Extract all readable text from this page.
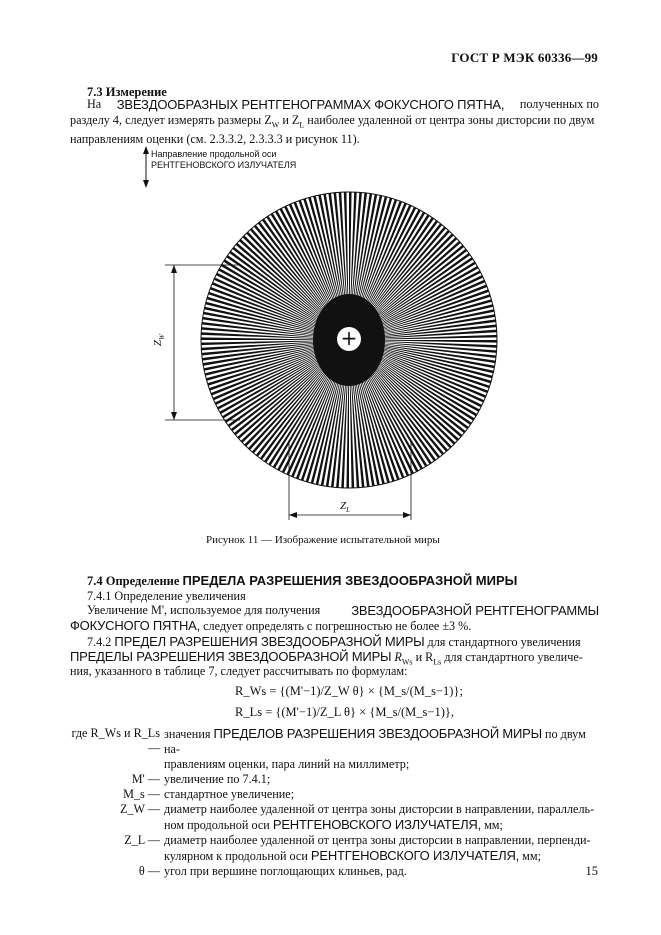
ГОСТ Р МЭК 60336—99
7.3 Измерение
На ЗВЕЗДООБРАЗНЫХ РЕНТГЕНОГРАММАХ ФОКУСНОГО ПЯТНА, полученных по
разделу 4, следует измерять размеры $Z_W$ и $Z_L$ наиболее удаленной от центра зоны дисторсии по двум
направлениям оценки (см. 2.3.3.2, 2.3.3.3 и рисунок 11).
Направление продольной оси
РЕНТГЕНОВСКОГО ИЗЛУЧАТЕЛЯ
$Z_W$
$Z_L$
+
Рисунок 11 — Изображение испытательной миры
7.4 Определение ПРЕДЕЛА РАЗРЕШЕНИЯ ЗВЕЗДООБРАЗНОЙ МИРЫ
7.4.1 Определение увеличения
Увеличение M', используемое для получения ЗВЕЗДООБРАЗНОЙ РЕНТГЕНОГРАММЫ
ФОКУСНОГО ПЯТНА, следует определять с погрешностью не более ±3 %.
7.4.2 ПРЕДЕЛ РАЗРЕШЕНИЯ ЗВЕЗДООБРАЗНОЙ МИРЫ для стандартного увеличения
ПРЕДЕЛЫ РАЗРЕШЕНИЯ ЗВЕЗДООБРАЗНОЙ МИРЫ $R_{Ws}$ и $R_{Ls}$ для стандартного увеличе-
ния, указанного в таблице 7, следует рассчитывать по формулам:
R_Ws = {(M'−1)/Z_W θ} × {M_s/(M_s−1)};
R_Ls = {(M'−1)/Z_L θ} × {M_s/(M_s−1)},
где R_Ws и R_Ls —
значения ПРЕДЕЛОВ РАЗРЕШЕНИЯ ЗВЕЗДООБРАЗНОЙ МИРЫ по двум на-
правлениям оценки, пара линий на миллиметр;
M' — увеличение по 7.4.1;
M_s — стандартное увеличение;
Z_W — диаметр наиболее удаленной от центра зоны дисторсии в направлении, параллель-
ном продольной оси РЕНТГЕНОВСКОГО ИЗЛУЧАТЕЛЯ, мм;
Z_L — диаметр наиболее удаленной от центра зоны дисторсии в направлении, перпенди-
кулярном к продольной оси РЕНТГЕНОВСКОГО ИЗЛУЧАТЕЛЯ, мм;
θ — угол при вершине поглощающих клиньев, рад.	15
